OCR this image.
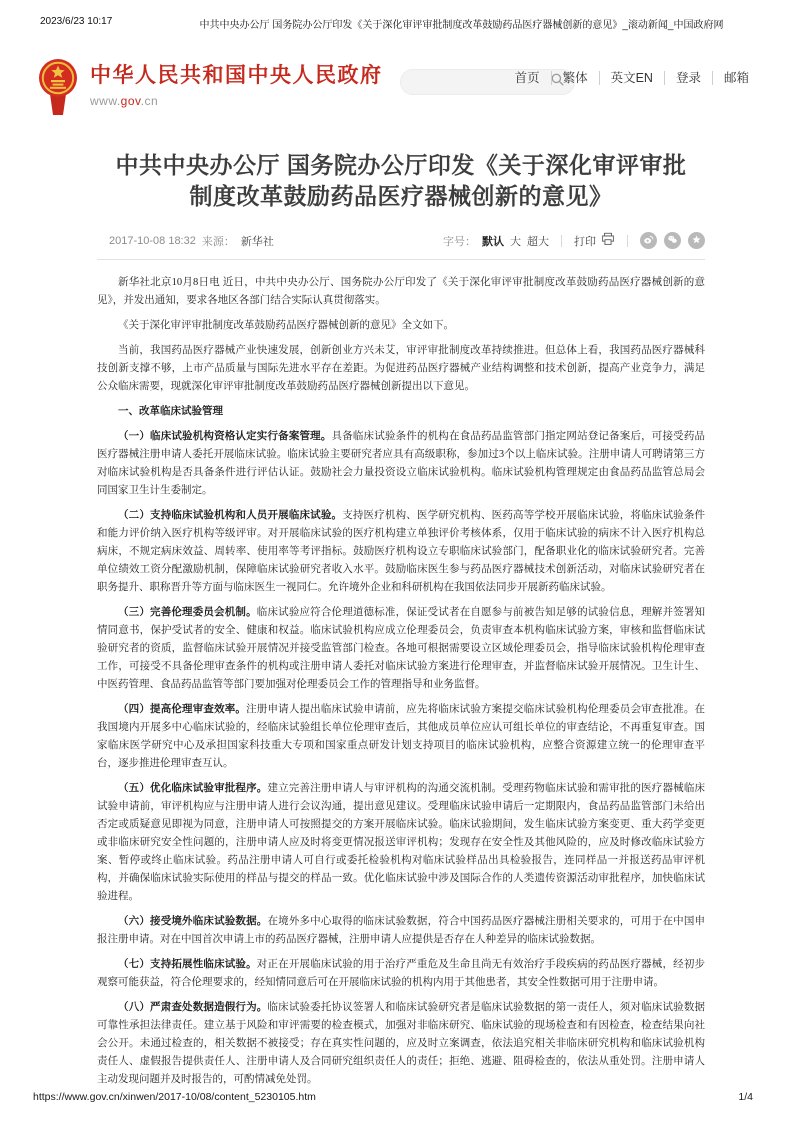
2023/6/23 10:17	中共中央办公厅 国务院办公厅印发《关于深化审评审批制度改革鼓励药品医疗器械创新的意见》_滚动新闻_中国政府网
中华人民共和国中央人民政府
www.gov.cn
首页	繁体	英文EN	登录	邮箱
中共中央办公厅 国务院办公厅印发《关于深化审评审批制度改革鼓励药品医疗器械创新的意见》
2017-10-08 18:32 来源： 新华社	字号： 默认 大 超大 打印

新华社北京10月8日电 近日，中共中央办公厅、国务院办公厅印发了《关于深化审评审批制度改革鼓励药品医疗器械创新的意见》，并发出通知，要求各地区各部门结合实际认真贯彻落实。

《关于深化审评审批制度改革鼓励药品医疗器械创新的意见》全文如下。

当前，我国药品医疗器械产业快速发展，创新创业方兴未艾，审评审批制度改革持续推进。但总体上看，我国药品医疗器械科技创新支撑不够，上市产品质量与国际先进水平存在差距。为促进药品医疗器械产业结构调整和技术创新，提高产业竞争力，满足公众临床需要，现就深化审评审批制度改革鼓励药品医疗器械创新提出以下意见。

一、改革临床试验管理

（一）临床试验机构资格认定实行备案管理。具备临床试验条件的机构在食品药品监管部门指定网站登记备案后，可接受药品医疗器械注册申请人委托开展临床试验。临床试验主要研究者应具有高级职称，参加过3个以上临床试验。注册申请人可聘请第三方对临床试验机构是否具备条件进行评估认证。鼓励社会力量投资设立临床试验机构。临床试验机构管理规定由食品药品监管总局会同国家卫生计生委制定。

（二）支持临床试验机构和人员开展临床试验。支持医疗机构、医学研究机构、医药高等学校开展临床试验，将临床试验条件和能力评价纳入医疗机构等级评审。对开展临床试验的医疗机构建立单独评价考核体系，仅用于临床试验的病床不计入医疗机构总病床，不规定病床效益、周转率、使用率等考评指标。鼓励医疗机构设立专职临床试验部门，配备职业化的临床试验研究者。完善单位绩效工资分配激励机制，保障临床试验研究者收入水平。鼓励临床医生参与药品医疗器械技术创新活动，对临床试验研究者在职务提升、职称晋升等方面与临床医生一视同仁。允许境外企业和科研机构在我国依法同步开展新药临床试验。

（三）完善伦理委员会机制。临床试验应符合伦理道德标准，保证受试者在自愿参与前被告知足够的试验信息，理解并签署知情同意书，保护受试者的安全、健康和权益。临床试验机构应成立伦理委员会，负责审查本机构临床试验方案，审核和监督临床试验研究者的资质，监督临床试验开展情况并接受监管部门检查。各地可根据需要设立区域伦理委员会，指导临床试验机构伦理审查工作，可接受不具备伦理审查条件的机构或注册申请人委托对临床试验方案进行伦理审查，并监督临床试验开展情况。卫生计生、中医药管理、食品药品监管等部门要加强对伦理委员会工作的管理指导和业务监督。

（四）提高伦理审查效率。注册申请人提出临床试验申请前，应先将临床试验方案提交临床试验机构伦理委员会审查批准。在我国境内开展多中心临床试验的，经临床试验组长单位伦理审查后，其他成员单位应认可组长单位的审查结论，不再重复审查。国家临床医学研究中心及承担国家科技重大专项和国家重点研发计划支持项目的临床试验机构，应整合资源建立统一的伦理审查平台，逐步推进伦理审查互认。

（五）优化临床试验审批程序。建立完善注册申请人与审评机构的沟通交流机制。受理药物临床试验和需审批的医疗器械临床试验申请前，审评机构应与注册申请人进行会议沟通，提出意见建议。受理临床试验申请后一定期限内，食品药品监管部门未给出否定或质疑意见即视为同意，注册申请人可按照提交的方案开展临床试验。临床试验期间，发生临床试验方案变更、重大药学变更或非临床研究安全性问题的，注册申请人应及时将变更情况报送审评机构；发现存在安全性及其他风险的，应及时修改临床试验方案、暂停或终止临床试验。药品注册申请人可自行或委托检验机构对临床试验样品出具检验报告，连同样品一并报送药品审评机构，并确保临床试验实际使用的样品与提交的样品一致。优化临床试验中涉及国际合作的人类遗传资源活动审批程序，加快临床试验进程。

（六）接受境外临床试验数据。在境外多中心取得的临床试验数据，符合中国药品医疗器械注册相关要求的，可用于在中国申报注册申请。对在中国首次申请上市的药品医疗器械，注册申请人应提供是否存在人种差异的临床试验数据。

（七）支持拓展性临床试验。对正在开展临床试验的用于治疗严重危及生命且尚无有效治疗手段疾病的药品医疗器械，经初步观察可能获益，符合伦理要求的，经知情同意后可在开展临床试验的机构内用于其他患者，其安全性数据可用于注册申请。

（八）严肃查处数据造假行为。临床试验委托协议签署人和临床试验研究者是临床试验数据的第一责任人，须对临床试验数据可靠性承担法律责任。建立基于风险和审评需要的检查模式，加强对非临床研究、临床试验的现场检查和有因检查，检查结果向社会公开。未通过检查的，相关数据不被接受；存在真实性问题的，应及时立案调查，依法追究相关非临床研究机构和临床试验机构责任人、虚假报告提供责任人、注册申请人及合同研究组织责任人的责任；拒绝、逃避、阻碍检查的，依法从重处罚。注册申请人主动发现问题并及时报告的，可酌情减免处罚。

https://www.gov.cn/xinwen/2017-10/08/content_5230105.htm	1/4
